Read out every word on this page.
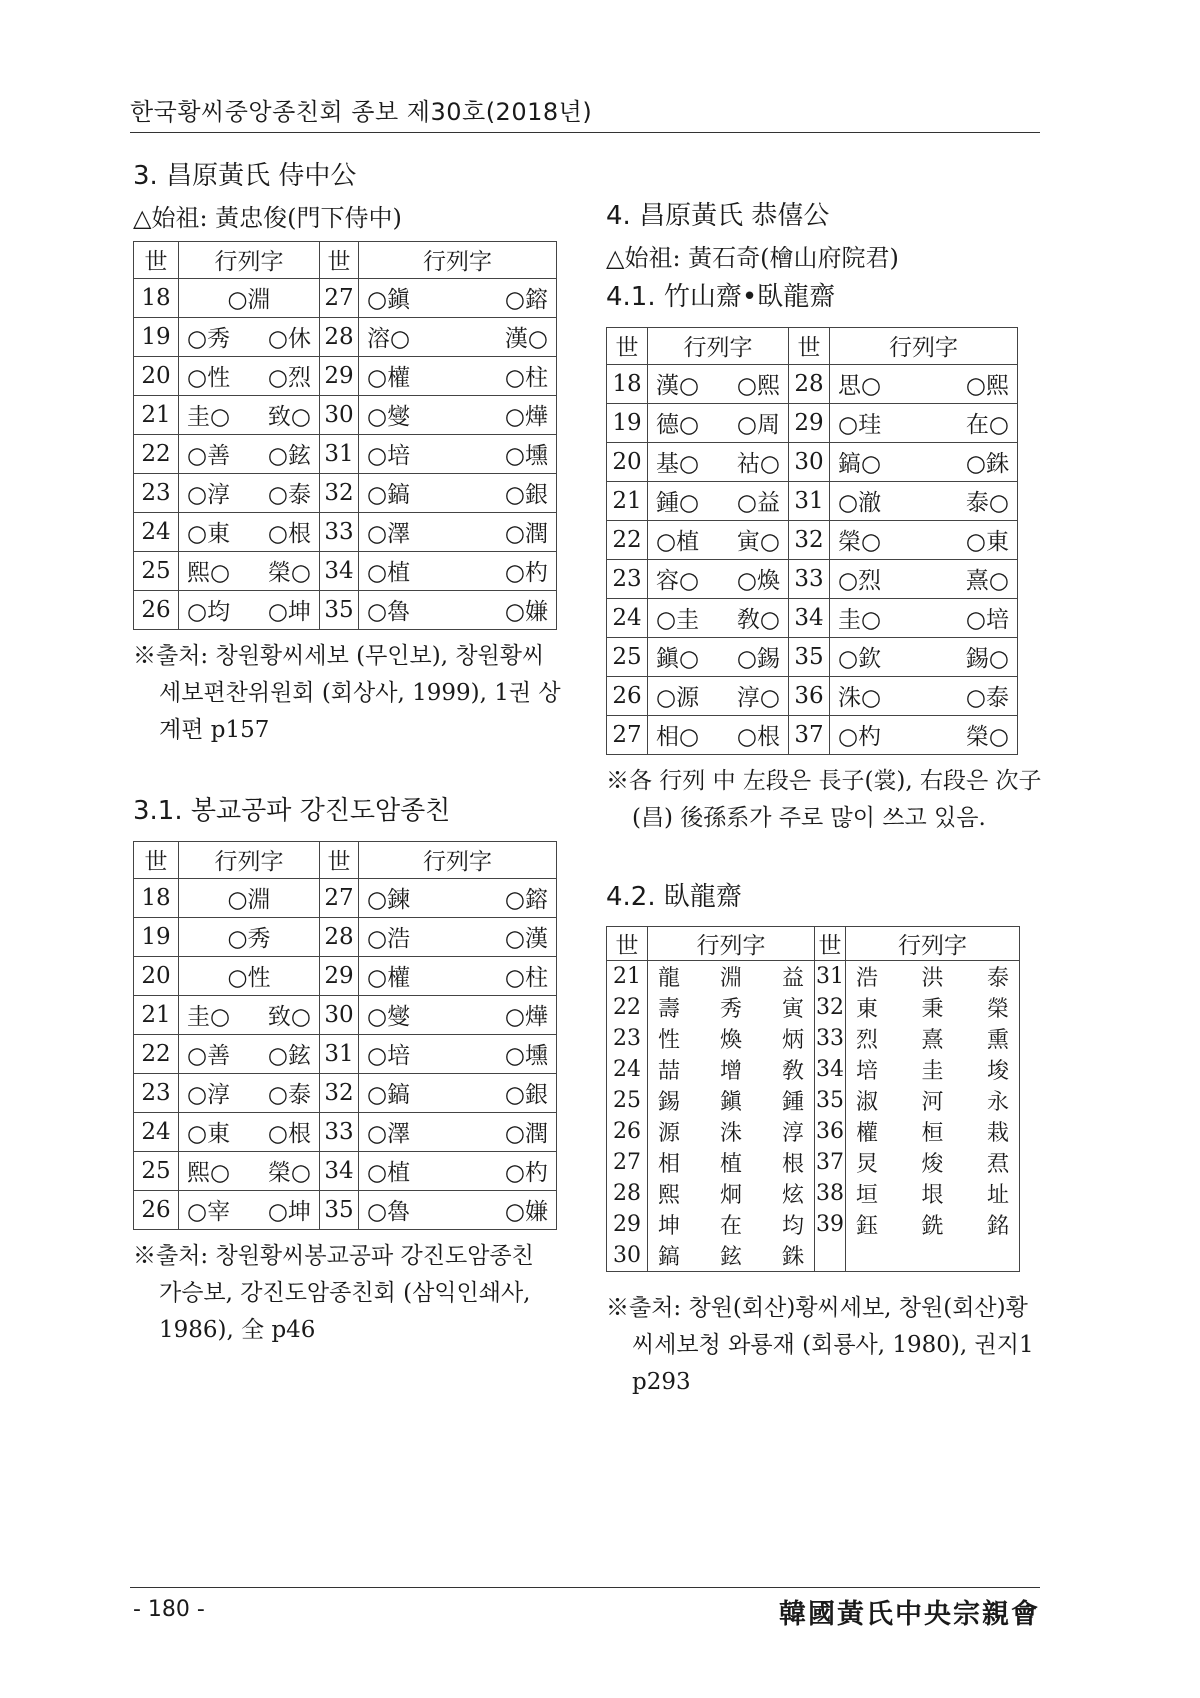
한국황씨중앙종친회 종보 제30호(2018년)

3. 昌原黃氏 侍中公

△始祖: 黃忠俊(門下侍中)

世	行列字	世	行列字
18	○淵	27	○鎭 ○鎔

19	○秀 ○休	28	溶○ 漢○

20	○性 ○烈	29	○權 ○柱

21	圭○ 致○	30	○燮 ○燁

22	○善 ○鉉	31	○培 ○壎

23	○淳 ○泰	32	○鎬 ○銀

24	○東 ○根	33	○澤 ○潤

25	熙○ 榮○	34	○植 ○杓

26	○均 ○坤	35	○魯 ○嫌

※출처: 창원황씨세보 (무인보), 창원황씨세보편찬위원회 (회상사, 1999), 1권 상계편 p157

3.1. 봉교공파 강진도암종친

世	行列字	世	行列字
18	○淵	27	○鍊 ○鎔

19	○秀	28	○浩 ○漢

20	○性	29	○權 ○柱

21	圭○ 致○	30	○燮 ○燁

22	○善 ○鉉	31	○培 ○壎

23	○淳 ○泰	32	○鎬 ○銀

24	○東 ○根	33	○澤 ○潤

25	熙○ 榮○	34	○植 ○杓

26	○宰 ○坤	35	○魯 ○嫌

※출처: 창원황씨봉교공파 강진도암종친 가승보, 강진도암종친회 (삼익인쇄사, 1986), 全 p46

4. 昌原黃氏 恭僖公

△始祖: 黃石奇(檜山府院君)

4.1. 竹山齋•臥龍齋

世	行列字	世	行列字
18	漢○ ○熙	28	思○ ○熙

19	德○ ○周	29	○珪 在○

20	基○ 祜○	30	鎬○ ○銖

21	鍾○ ○益	31	○澈 泰○

22	○植 寅○	32	榮○ ○東

23	容○ ○煥	33	○烈 熹○

24	○圭 敎○	34	圭○ ○培

25	鎭○ ○錫	35	○欽 錫○

26	○源 淳○	36	洙○ ○泰

27	相○ ○根	37	○杓 榮○

※各 行列 中 左段은 長子(裳), 右段은 次子(昌) 後孫系가 주로 많이 쓰고 있음.

4.2. 臥龍齋

世	行列字	世	行列字
21	龍 淵 益	31	浩 洪 泰

22	壽 秀 寅	32	東 秉 榮

23	性 煥 炳	33	烈 熹 熏

24	喆 增 敎	34	培 圭 埈

25	錫 鎭 鍾	35	淑 河 永

26	源 洙 淳	36	權 桓 栽

27	相 植 根	37	炅 焌 焄

28	熙 炯 炫	38	垣 垠 址

29	坤 在 均	39	鈺 銑 銘

30	鎬 鉉 銖		

※출처: 창원(회산)황씨세보, 창원(회산)황씨세보청 와룡재 (회룡사, 1980), 권지1 p293

- 180 -	韓國黃氏中央宗親會
